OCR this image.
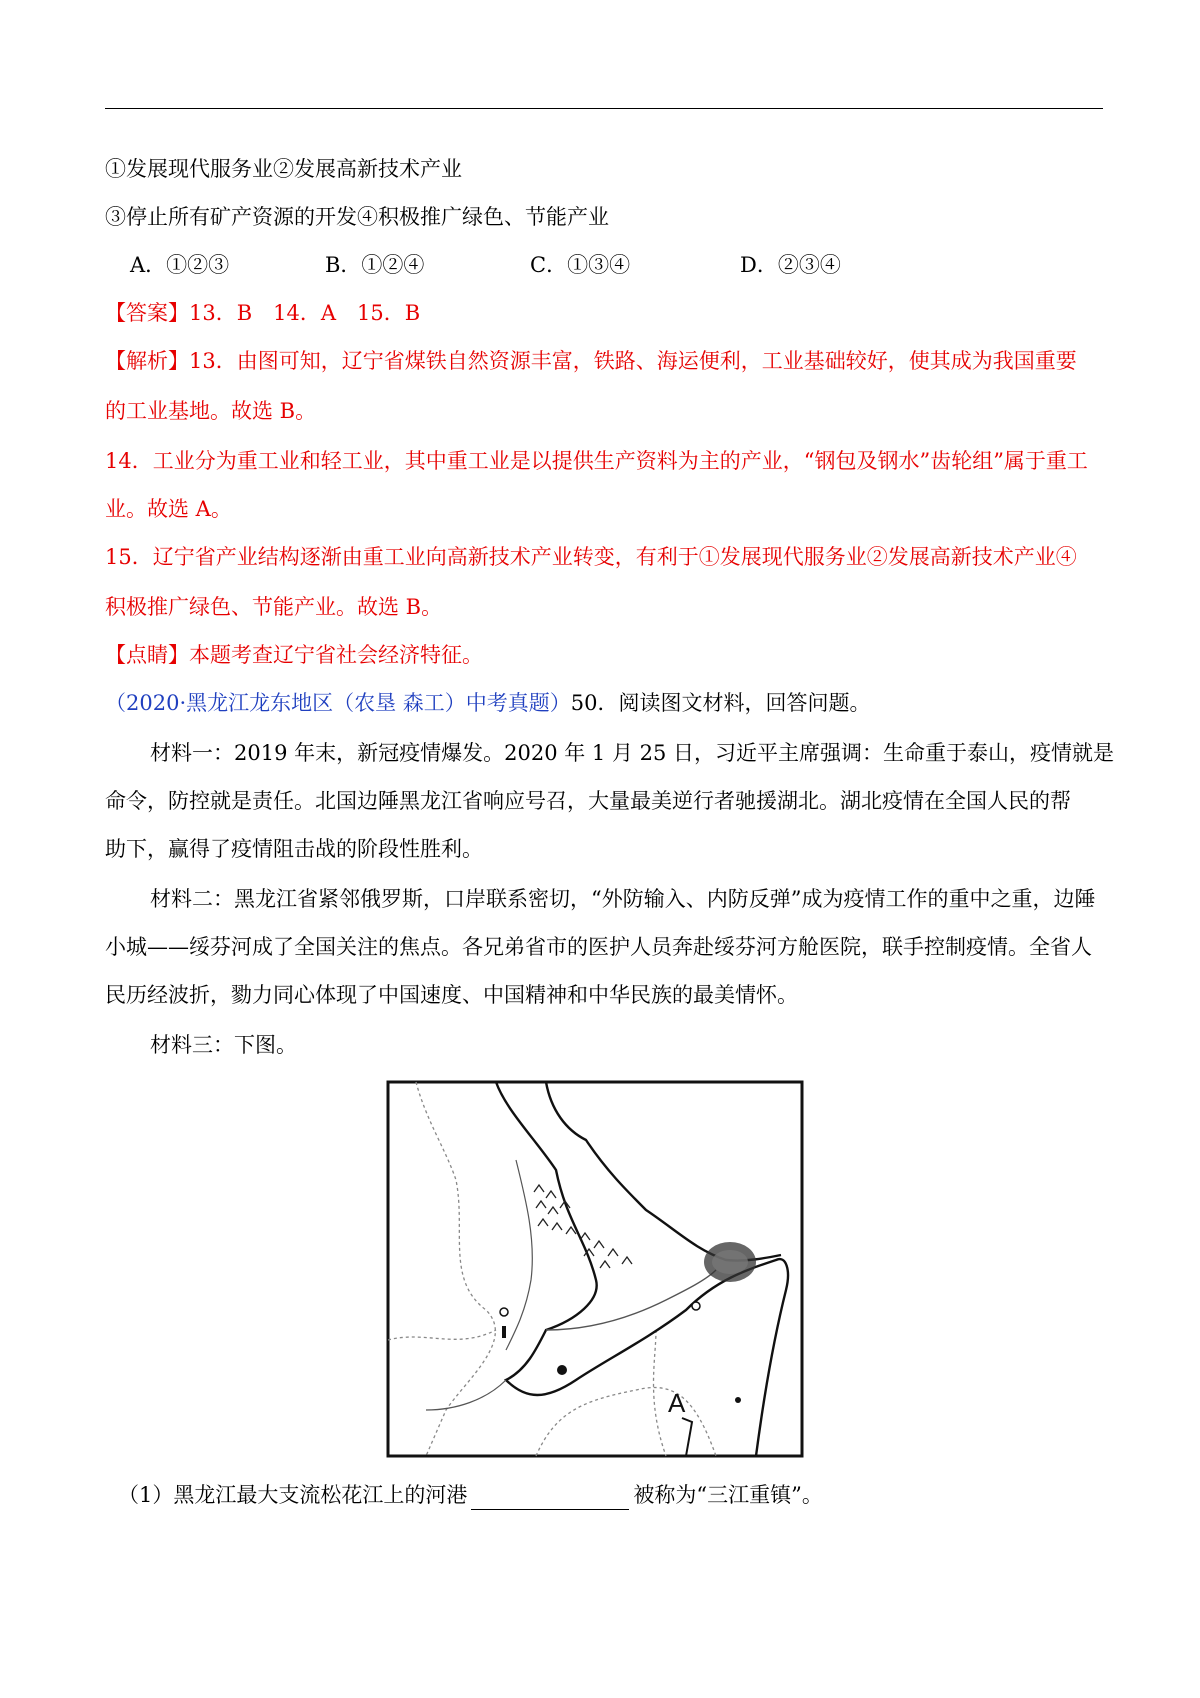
①发展现代服务业②发展高新技术产业
③停止所有矿产资源的开发④积极推广绿色、节能产业
A．①②③	B．①②④	C．①③④	D．②③④
【答案】13．B　14．A　15．B
【解析】13．由图可知，辽宁省煤铁自然资源丰富，铁路、海运便利，工业基础较好，使其成为我国重要
的工业基地。故选 B。
14．工业分为重工业和轻工业，其中重工业是以提供生产资料为主的产业，“钢包及钢水”齿轮组”属于重工
业。故选 A。
15．辽宁省产业结构逐渐由重工业向高新技术产业转变，有利于①发展现代服务业②发展高新技术产业④
积极推广绿色、节能产业。故选 B。
【点睛】本题考查辽宁省社会经济特征。
（2020·黑龙江龙东地区（农垦 森工）中考真题）50．阅读图文材料，回答问题。
材料一：2019 年末，新冠疫情爆发。2020 年 1 月 25 日，习近平主席强调：生命重于泰山，疫情就是
命令，防控就是责任。北国边陲黑龙江省响应号召，大量最美逆行者驰援湖北。湖北疫情在全国人民的帮
助下，赢得了疫情阻击战的阶段性胜利。
材料二：黑龙江省紧邻俄罗斯，口岸联系密切，“外防输入、内防反弹”成为疫情工作的重中之重，边陲
小城——绥芬河成了全国关注的焦点。各兄弟省市的医护人员奔赴绥芬河方舱医院，联手控制疫情。全省人
民历经波折，勠力同心体现了中国速度、中国精神和中华民族的最美情怀。
材料三：下图。
A
（1）黑龙江最大支流松花江上的河港	被称为“三江重镇”。
